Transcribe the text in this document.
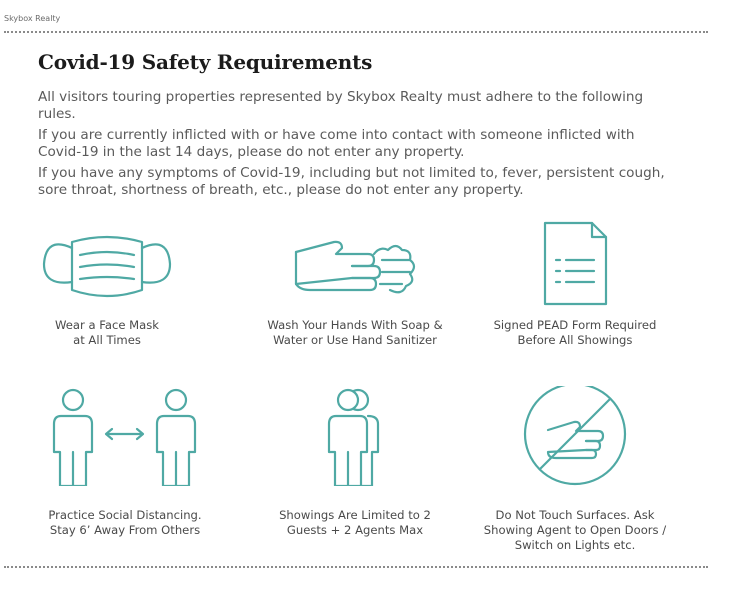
Skybox Realty
Covid-19 Safety Requirements

All visitors touring properties represented by Skybox Realty must adhere to the following rules.

If you are currently inflicted with or have come into contact with someone inflicted with Covid-19 in the last 14 days, please do not enter any property.

If you have any symptoms of Covid-19, including but not limited to, fever, persistent cough, sore throat, shortness of breath, etc., please do not enter any property.

Wear a Face Mask
at All Times
Wash Your Hands With Soap &
Water or Use Hand Sanitizer
Signed PEAD Form Required
Before All Showings
Practice Social Distancing.
Stay 6’ Away From Others
Showings Are Limited to 2
Guests + 2 Agents Max
Do Not Touch Surfaces. Ask
Showing Agent to Open Doors /
Switch on Lights etc.
